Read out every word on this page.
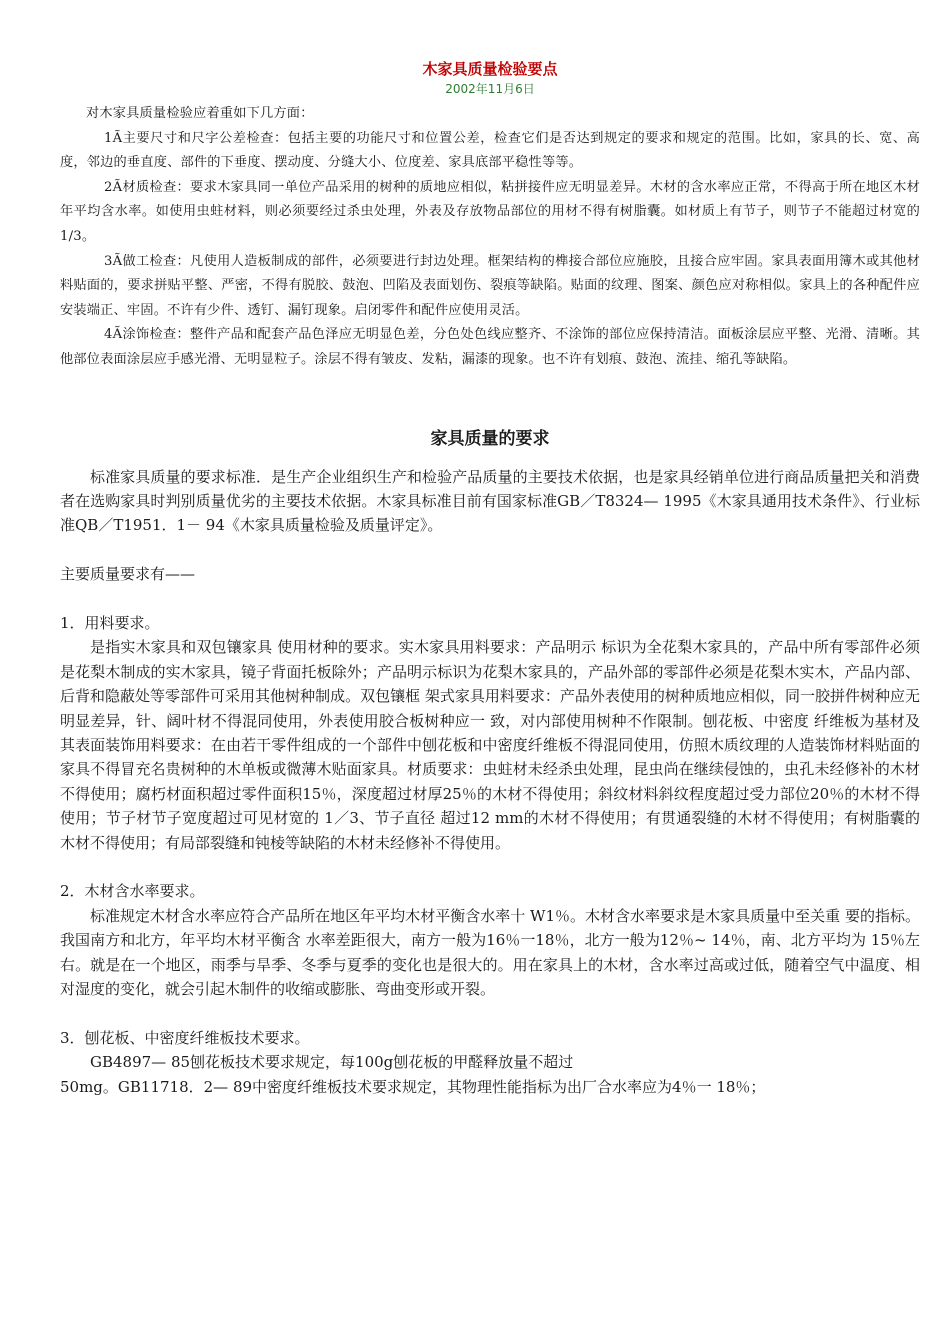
木家具质量检验要点

2002年11月6日

对木家具质量检验应着重如下几方面：

1Ã主要尺寸和尺字公差检查：包括主要的功能尺寸和位置公差，检查它们是否达到规定的要求和规定的范围。比如，家具的长、宽、高度，邻边的垂直度、部件的下垂度、摆动度、分缝大小、位度差、家具底部平稳性等等。

2Ã材质检查：要求木家具同一单位产品采用的树种的质地应相似，粘拼接件应无明显差异。木材的含水率应正常，不得高于所在地区木材年平均含水率。如使用虫蛀材料，则必须要经过杀虫处理，外表及存放物品部位的用材不得有树脂囊。如材质上有节子，则节子不能超过材宽的1/3。

3Ã做工检查：凡使用人造板制成的部件，必须要进行封边处理。框架结构的榫接合部位应施胶，且接合应牢固。家具表面用簿木或其他材料贴面的，要求拼贴平整、严密，不得有脱胶、鼓泡、凹陷及表面划伤、裂痕等缺陷。贴面的纹理、图案、颜色应对称相似。家具上的各种配件应安装端正、牢固。不许有少件、透钉、漏钉现象。启闭零件和配件应使用灵活。

4Ã涂饰检查：整件产品和配套产品色泽应无明显色差，分色处色线应整齐、不涂饰的部位应保持清洁。面板涂层应平整、光滑、清晰。其他部位表面涂层应手感光滑、无明显粒子。涂层不得有皱皮、发粘，漏漆的现象。也不许有划痕、鼓泡、流挂、缩孔等缺陷。

家具质量的要求

标准家具质量的要求标准．是生产企业组织生产和检验产品质量的主要技术依据，也是家具经销单位进行商品质量把关和消费者在选购家具时判别质量优劣的主要技术依据。木家具标准目前有国家标准GB／T8324— 1995《木家具通用技术条件》、行业标准QB／T1951．1－ 94《木家具质量检验及质量评定》。

主要质量要求有——

1．用料要求。

是指实木家具和双包镶家具 使用材种的要求。实木家具用料要求：产品明示 标识为全花梨木家具的，产品中所有零部件必须是花梨木制成的实木家具，镜子背面托板除外；产品明示标识为花梨木家具的，产品外部的零部件必须是花梨木实木，产品内部、后背和隐蔽处等零部件可采用其他树种制成。双包镶框 架式家具用料要求：产品外表使用的树种质地应相似，同一胶拼件树种应无明显差异，针、阔叶材不得混同使用，外表使用胶合板树种应一 致，对内部使用树种不作限制。刨花板、中密度 纤维板为基材及其表面装饰用料要求：在由若干零件组成的一个部件中刨花板和中密度纤维板不得混同使用，仿照木质纹理的人造装饰材料贴面的家具不得冒充名贵树种的木单板或微薄木贴面家具。材质要求：虫蛀材未经杀虫处理，昆虫尚在继续侵蚀的，虫孔未经修补的木材不得使用；腐朽材面积超过零件面积15％，深度超过材厚25％的木材不得使用；斜纹材料斜纹程度超过受力部位20％的木材不得使用；节子材节子宽度超过可见材宽的 1／3、节子直径 超过12 mm的木材不得使用；有贯通裂缝的木材不得使用；有树脂囊的木材不得使用；有局部裂缝和钝棱等缺陷的木材未经修补不得使用。

2．木材含水率要求。

标准规定木材含水率应符合产品所在地区年平均木材平衡含水率十 W1％。木材含水率要求是木家具质量中至关重 要的指标。我国南方和北方，年平均木材平衡含 水率差距很大，南方一般为16％一18％，北方一般为12％~ 14％，南、北方平均为 15％左右。就是在一个地区，雨季与旱季、冬季与夏季的变化也是很大的。用在家具上的木材，含水率过高或过低，随着空气中温度、相对湿度的变化，就会引起木制件的收缩或膨胀、弯曲变形或开裂。

3．刨花板、中密度纤维板技术要求。

GB4897— 85刨花板技术要求规定，每100g刨花板的甲醛释放量不超过

50mg。GB11718．2— 89中密度纤维板技术要求规定，其物理性能指标为出厂合水率应为4％一 18％；
